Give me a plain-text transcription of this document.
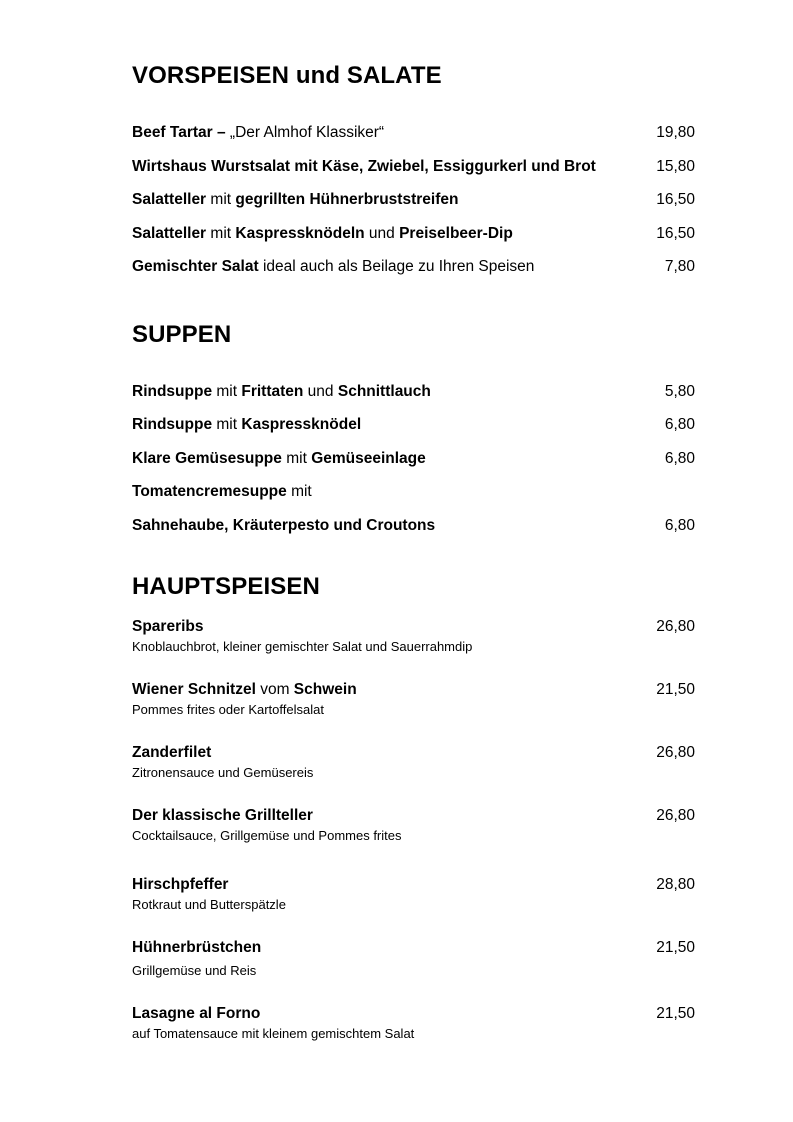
VORSPEISEN und SALATE
Beef Tartar – „Der Almhof Klassiker“	19,80
Wirtshaus Wurstsalat mit Käse, Zwiebel, Essiggurkerl und Brot	15,80
Salatteller mit gegrillten Hühnerbruststreifen	16,50
Salatteller mit Kaspressknödeln und Preiselbeer-Dip	16,50
Gemischter Salat ideal auch als Beilage zu Ihren Speisen	7,80
SUPPEN
Rindsuppe mit Frittaten und Schnittlauch	5,80
Rindsuppe mit Kaspressknödel	6,80
Klare Gemüsesuppe mit Gemüseeinlage	6,80
Tomatencremesuppe mit
Sahnehaube, Kräuterpesto und Croutons	6,80
HAUPTSPEISEN
Spareribs	26,80
Knoblauchbrot, kleiner gemischter Salat und Sauerrahmdip
Wiener Schnitzel vom Schwein	21,50
Pommes frites oder Kartoffelsalat
Zanderfilet	26,80
Zitronensauce und Gemüsereis
Der klassische Grillteller	26,80
Cocktailsauce, Grillgemüse und Pommes frites
Hirschpfeffer	28,80
Rotkraut und Butterspätzle
Hühnerbrüstchen	21,50
Grillgemüse und Reis
Lasagne al Forno	21,50
auf Tomatensauce mit kleinem gemischtem Salat
